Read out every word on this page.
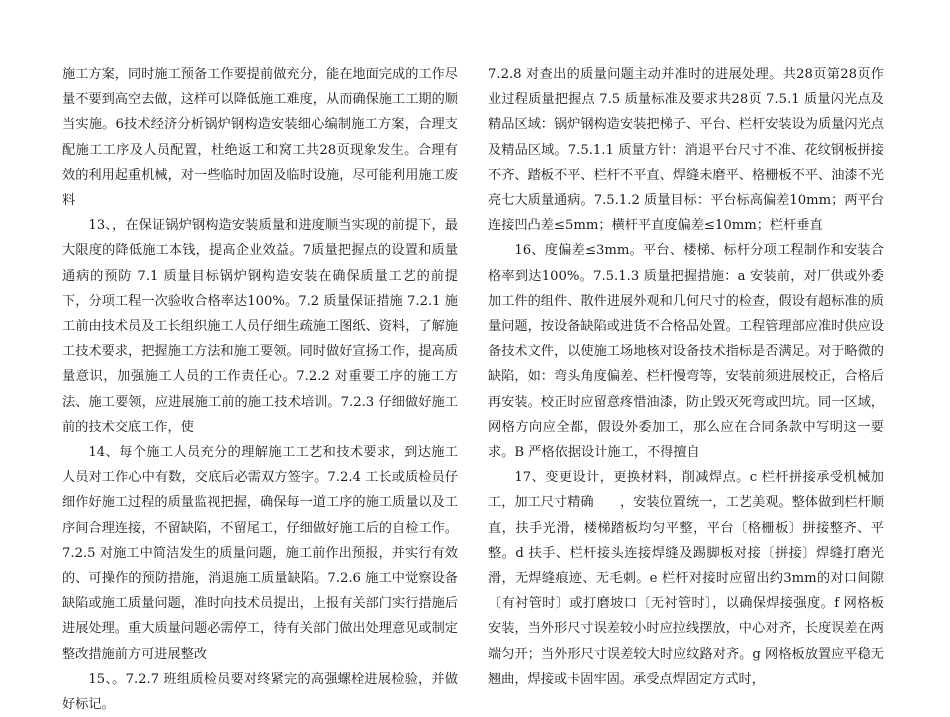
施工方案，同时施工预备工作要提前做充分，能在地面完成的工作尽量不要到高空去做，这样可以降低施工难度，从而确保施工工期的顺当实施。6技术经济分析锅炉钢构造安装细心编制施工方案，合理支配施工工序及人员配置，杜绝返工和窝工共28页现象发生。合理有效的利用起重机械，对一些临时加固及临时设施，尽可能利用施工废料

13、，在保证锅炉钢构造安装质量和进度顺当实现的前提下，最大限度的降低施工本钱，提高企业效益。7质量把握点的设置和质量通病的预防 7.1 质量目标锅炉钢构造安装在确保质量工艺的前提下，分项工程一次验收合格率达100%。7.2 质量保证措施 7.2.1 施工前由技术员及工长组织施工人员仔细生疏施工图纸、资料，了解施工技术要求，把握施工方法和施工要领。同时做好宣扬工作，提高质量意识，加强施工人员的工作责任心。7.2.2 对重要工序的施工方法、施工要领，应进展施工前的施工技术培训。7.2.3 仔细做好施工前的技术交底工作，使

14、每个施工人员充分的理解施工工艺和技术要求，到达施工人员对工作心中有数，交底后必需双方签字。7.2.4 工长或质检员仔细作好施工过程的质量监视把握，确保每一道工序的施工质量以及工序间合理连接，不留缺陷，不留尾工，仔细做好施工后的自检工作。7.2.5 对施工中简洁发生的质量问题，施工前作出预报，并实行有效的、可操作的预防措施，消退施工质量缺陷。7.2.6 施工中觉察设备缺陷或施工质量问题，准时向技术员提出，上报有关部门实行措施后进展处理。重大质量问题必需停工，待有关部门做出处理意见或制定整改措施前方可进展整改

15、。7.2.7 班组质检员要对终紧完的高强螺栓进展检验，并做好标记。

7.2.8 对查出的质量问题主动并准时的进展处理。共28页第28页作业过程质量把握点 7.5 质量标准及要求共28页 7.5.1 质量闪光点及精品区域：锅炉钢构造安装把梯子、平台、栏杆安装设为质量闪光点及精品区域。7.5.1.1 质量方针：消退平台尺寸不准、花纹钢板拼接不齐、踏板不平、栏杆不平直、焊缝未磨平、格栅板不平、油漆不光亮七大质量通病。7.5.1.2 质量目标：平台标高偏差10mm；两平台连接凹凸差≤5mm；横杆平直度偏差≤10mm；栏杆垂直

16、度偏差≤3mm。平台、楼梯、标杆分项工程制作和安装合格率到达100%。7.5.1.3 质量把握措施：a 安装前，对厂供或外委加工件的组件、散件进展外观和几何尺寸的检查，假设有超标准的质量问题，按设备缺陷或进货不合格品处置。工程管理部应准时供应设备技术文件，以使施工场地核对设备技术指标是否满足。对于略微的缺陷，如：弯头角度偏差、栏杆慢弯等，安装前须进展校正，合格后再安装。校正时应留意疼惜油漆，防止毁灭死弯或凹坑。同一区域，网格方向应全都，假设外委加工，那么应在合同条款中写明这一要求。B 严格依据设计施工，不得擅自

17、变更设计，更换材料，削减焊点。c 栏杆拼接承受机械加工，加工尺寸精确　　，安装位置统一，工艺美观。整体做到栏杆顺直，扶手光滑，楼梯踏板均匀平整，平台〔格栅板〕拼接整齐、平整。d 扶手、栏杆接头连接焊缝及踢脚板对接〔拼接〕焊缝打磨光滑，无焊缝痕迹、无毛刺。e 栏杆对接时应留出约3mm的对口间隙〔有衬管时〕或打磨坡口〔无衬管时〕，以确保焊接强度。f 网格板安装，当外形尺寸误差较小时应拉线摆放，中心对齐，长度误差在两端匀开；当外形尺寸误差较大时应纹路对齐。g 网格板放置应平稳无翘曲，焊接或卡固牢固。承受点焊固定方式时，
